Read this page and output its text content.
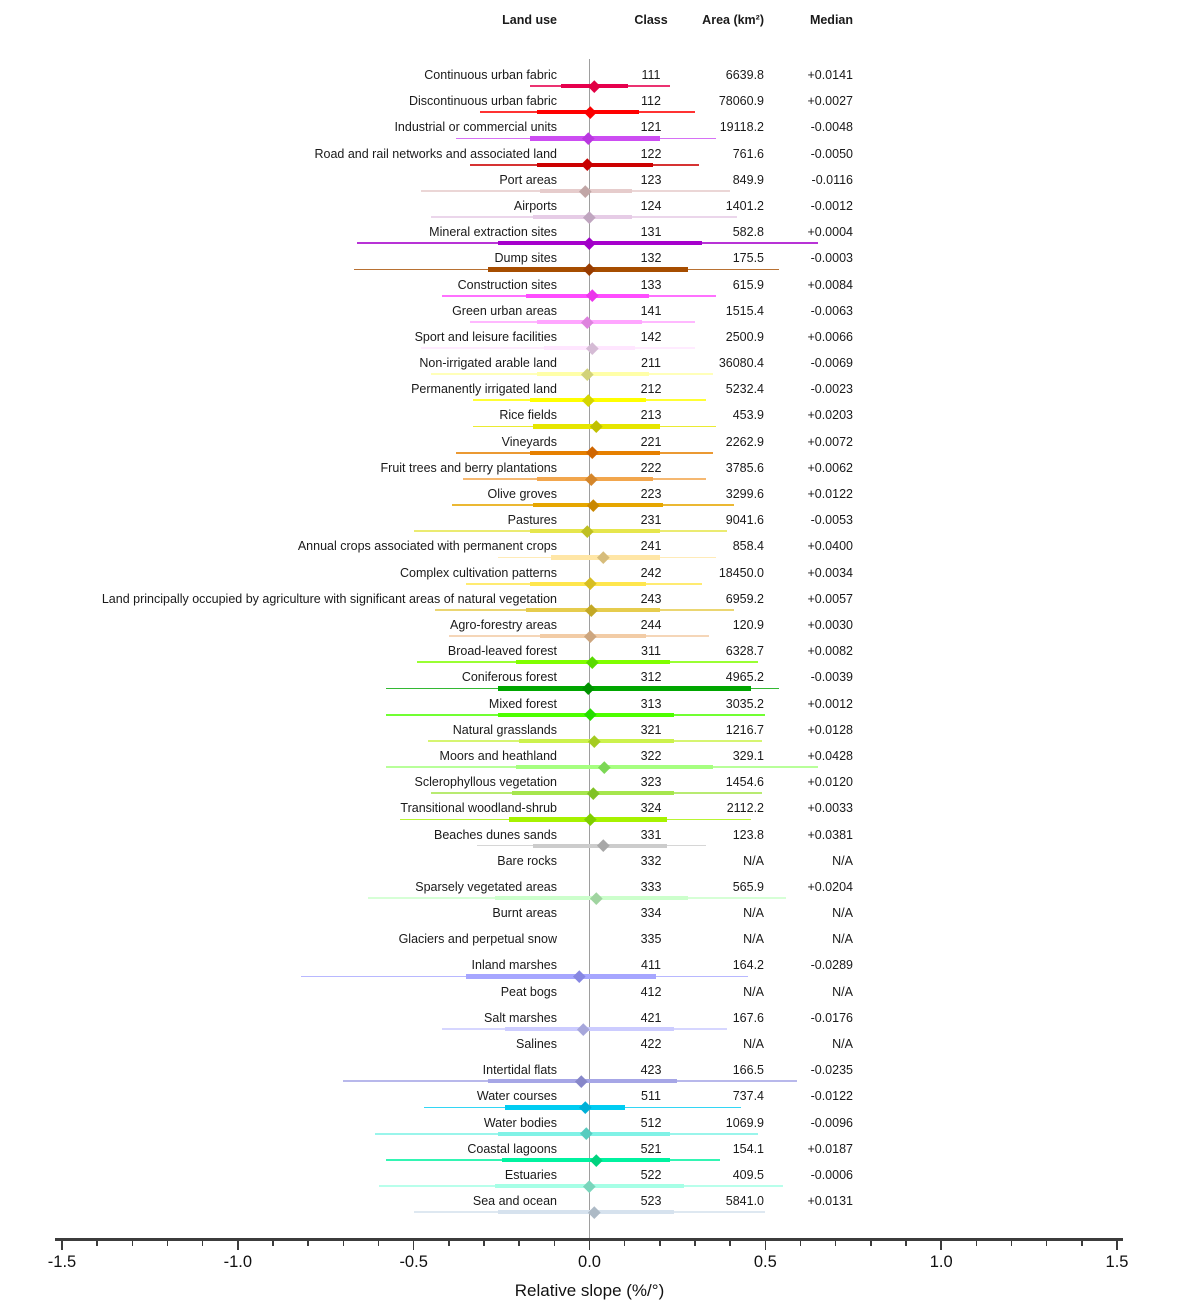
Land use	Class	Area (km²)	Median
Continuous urban fabric	111	6639.8	+0.0141
Discontinuous urban fabric	112	78060.9	+0.0027
Industrial or commercial units	121	19118.2	-0.0048
Road and rail networks and associated land	122	761.6	-0.0050
Port areas	123	849.9	-0.0116
Airports	124	1401.2	-0.0012
Mineral extraction sites	131	582.8	+0.0004
Dump sites	132	175.5	-0.0003
Construction sites	133	615.9	+0.0084
Green urban areas	141	1515.4	-0.0063
Sport and leisure facilities	142	2500.9	+0.0066
Non-irrigated arable land	211	36080.4	-0.0069
Permanently irrigated land	212	5232.4	-0.0023
Rice fields	213	453.9	+0.0203
Vineyards	221	2262.9	+0.0072
Fruit trees and berry plantations	222	3785.6	+0.0062
Olive groves	223	3299.6	+0.0122
Pastures	231	9041.6	-0.0053
Annual crops associated with permanent crops	241	858.4	+0.0400
Complex cultivation patterns	242	18450.0	+0.0034
Land principally occupied by agriculture with significant areas of natural vegetation	243	6959.2	+0.0057
Agro-forestry areas	244	120.9	+0.0030
Broad-leaved forest	311	6328.7	+0.0082
Coniferous forest	312	4965.2	-0.0039
Mixed forest	313	3035.2	+0.0012
Natural grasslands	321	1216.7	+0.0128
Moors and heathland	322	329.1	+0.0428
Sclerophyllous vegetation	323	1454.6	+0.0120
Transitional woodland-shrub	324	2112.2	+0.0033
Beaches dunes sands	331	123.8	+0.0381
Bare rocks	332	N/A	N/A
Sparsely vegetated areas	333	565.9	+0.0204
Burnt areas	334	N/A	N/A
Glaciers and perpetual snow	335	N/A	N/A
Inland marshes	411	164.2	-0.0289
Peat bogs	412	N/A	N/A
Salt marshes	421	167.6	-0.0176
Salines	422	N/A	N/A
Intertidal flats	423	166.5	-0.0235
Water courses	511	737.4	-0.0122
Water bodies	512	1069.9	-0.0096
Coastal lagoons	521	154.1	+0.0187
Estuaries	522	409.5	-0.0006
Sea and ocean	523	5841.0	+0.0131
-1.5	-1.0	-0.5	0.0	0.5	1.0	1.5
Relative slope (%/°)
